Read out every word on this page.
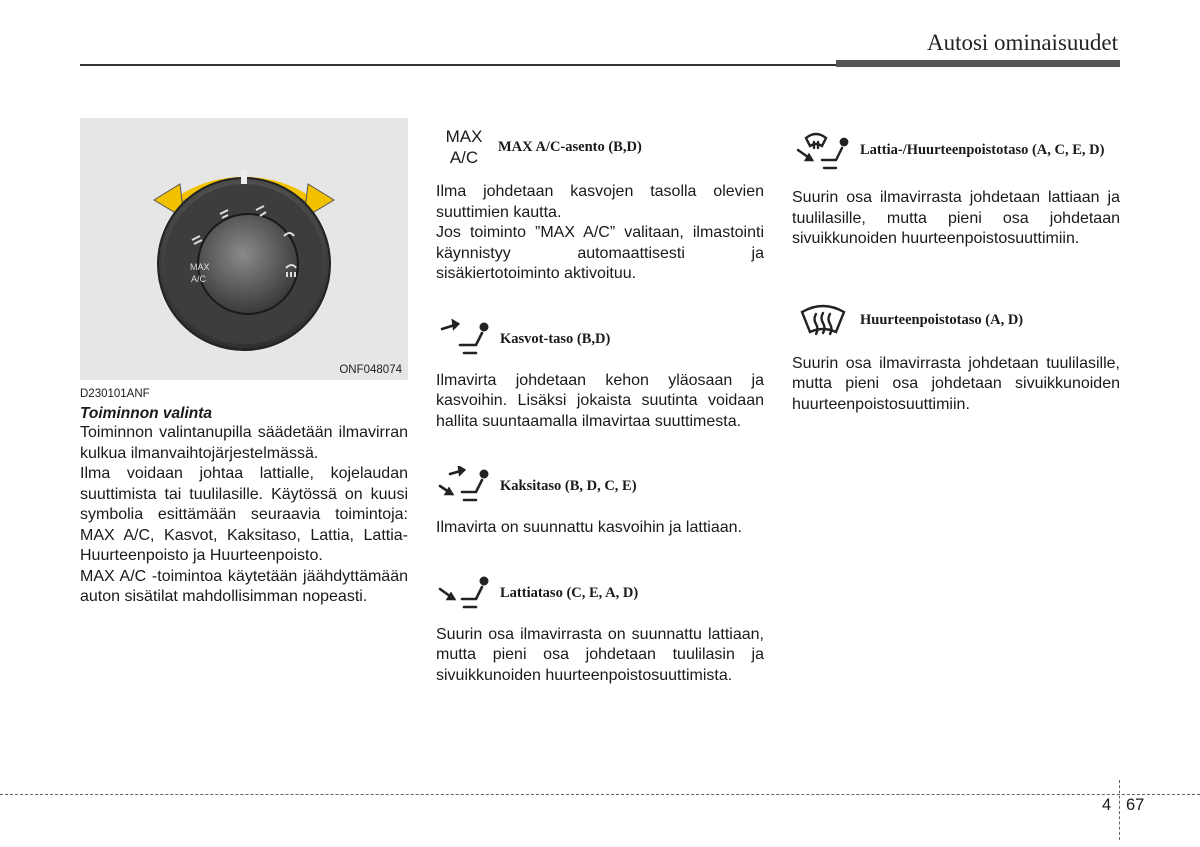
Autosi ominaisuudet
MAX
A/C
ONF048074
D230101ANF
Toiminnon valinta

Toiminnon valintanupilla säädetään ilmavirran kulkua ilmanvaihtojärjestelmässä.

Ilma voidaan johtaa lattialle, kojelaudan suuttimista tai tuulilasille. Käytössä on kuusi symbolia esittämään seuraavia toimintoja: MAX A/C, Kasvot, Kaksitaso, Lattia, Lattia-Huurteenpoisto ja Huurteenpoisto.

MAX A/C -toimintoa käytetään jäähdyttämään auton sisätilat mahdollisimman nopeasti.

MAX
A/C
MAX A/C-asento (B,D)

Ilma johdetaan kasvojen tasolla olevien suuttimien kautta.

Jos toiminto ”MAX A/C” valitaan, ilmastointi käynnistyy automaattisesti ja sisäkiertotoiminto aktivoituu.

Kasvot-taso (B,D)

Ilmavirta johdetaan kehon yläosaan ja kasvoihin. Lisäksi jokaista suutinta voidaan hallita suuntaamalla ilmavirtaa suuttimesta.

Kaksitaso (B, D, C, E)

Ilmavirta on suunnattu kasvoihin ja lattiaan.

Lattiataso (C, E, A, D)

Suurin osa ilmavirrasta on suunnattu lattiaan, mutta pieni osa johdetaan tuulilasin ja sivuikkunoiden huurteenpoistosuuttimista.

Lattia-/Huurteenpoistotaso (A, C, E, D)

Suurin osa ilmavirrasta johdetaan lattiaan ja tuulilasille, mutta pieni osa johdetaan sivuikkunoiden huurteenpoistosuuttimiin.

Huurteenpoistotaso (A, D)

Suurin osa ilmavirrasta johdetaan tuulilasille, mutta pieni osa johdetaan sivuikkunoiden huurteenpoistosuuttimiin.

4 67
